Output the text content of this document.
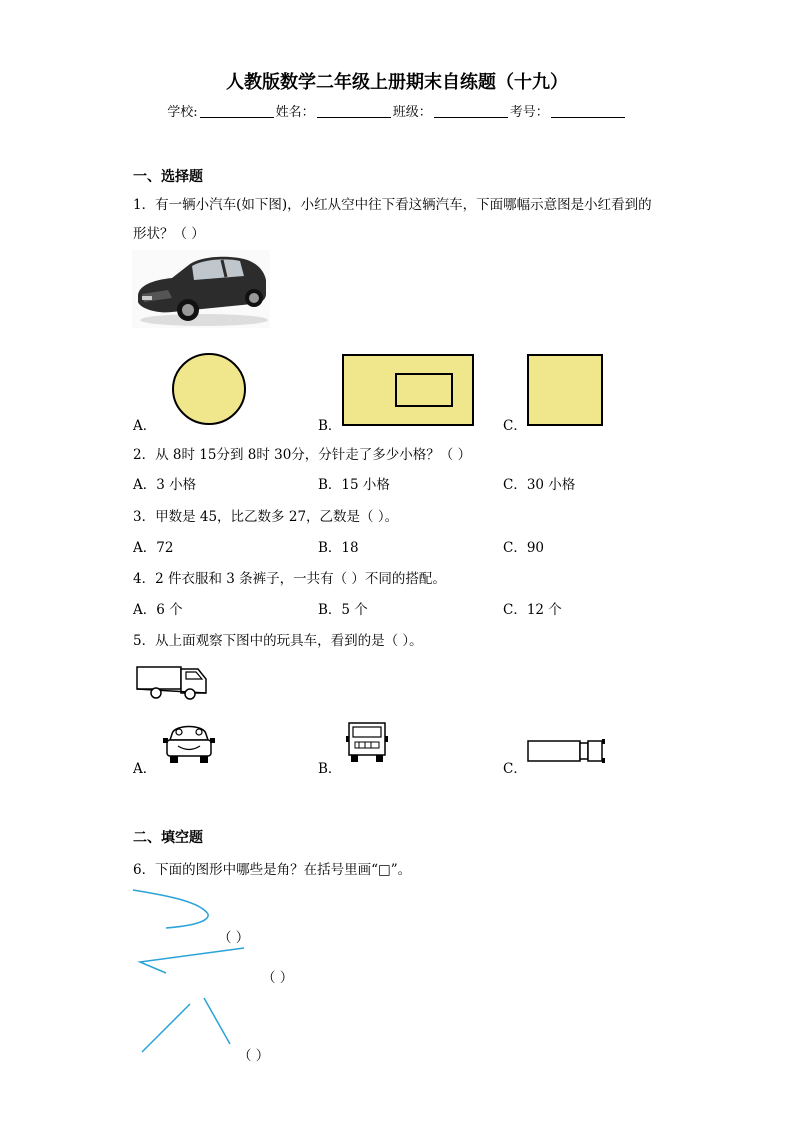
人教版数学二年级上册期末自练题（十九）
学校:	姓名：	班级：	考号：
一、选择题
1．有一辆小汽车(如下图)，小红从空中往下看这辆汽车，下面哪幅示意图是小红看到的
形状？（ ）
A．	B．	C．
2．从 8时 15分到 8时 30分，分针走了多少小格？（ ）
A．3 小格	B．15 小格	C．30 小格
3．甲数是 45，比乙数多 27，乙数是（ ）。
A．72	B．18	C．90
4．2 件衣服和 3 条裤子，一共有（ ）不同的搭配。
A．6 个	B．5 个	C．12 个
5．从上面观察下图中的玩具车，看到的是（ ）。
A．	B．	C．
二、填空题
6．下面的图形中哪些是角？在括号里画“□”。
（ ）
（ ）
（ ）
